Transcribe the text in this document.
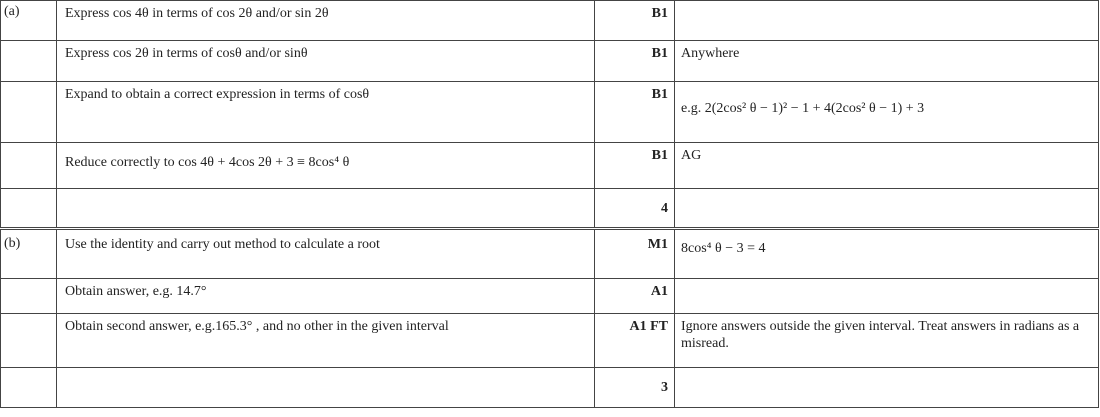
(a)	Express cos 4θ in terms of cos 2θ and/or sin 2θ	B1	
	Express cos 2θ in terms of cosθ and/or sinθ	B1	Anywhere
	Expand to obtain a correct expression in terms of cosθ	B1	e.g. 2(2cos² θ − 1)² − 1 + 4(2cos² θ − 1) + 3
	Reduce correctly to cos 4θ + 4cos 2θ + 3 ≡ 8cos⁴ θ	B1	AG
		4	
(b)	Use the identity and carry out method to calculate a root	M1	8cos⁴ θ − 3 = 4
	Obtain answer, e.g. 14.7°	A1	
	Obtain second answer, e.g.165.3° , and no other in the given interval	A1 FT	Ignore answers outside the given interval. Treat answers in radians as a misread.
		3	
